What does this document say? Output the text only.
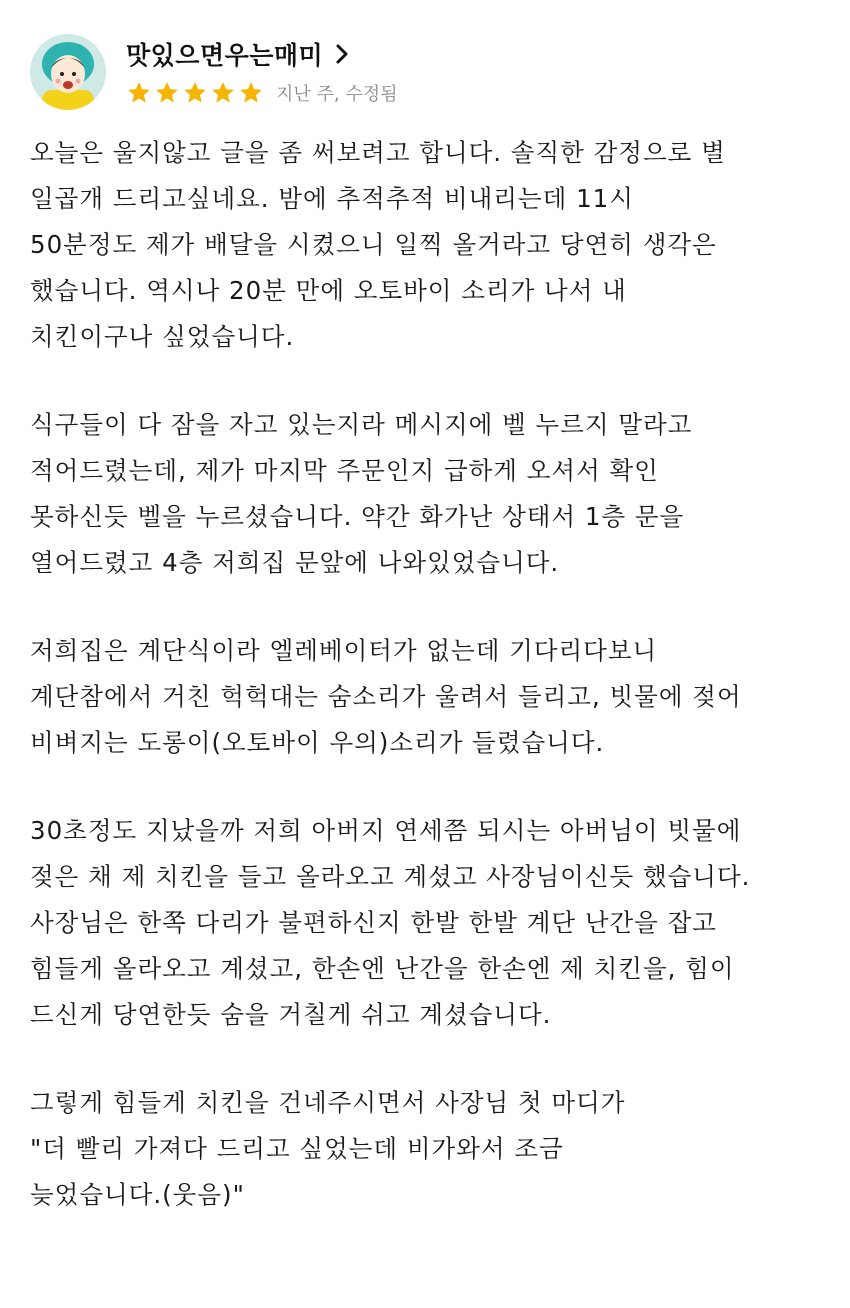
맛있으면우는매미
지난 주, 수정됨
오늘은 울지않고 글을 좀 써보려고 합니다. 솔직한 감정으로 별
일곱개 드리고싶네요. 밤에 추적추적 비내리는데 11시
50분정도 제가 배달을 시켰으니 일찍 올거라고 당연히 생각은
했습니다. 역시나 20분 만에 오토바이 소리가 나서 내
치킨이구나 싶었습니다.
식구들이 다 잠을 자고 있는지라 메시지에 벨 누르지 말라고
적어드렸는데, 제가 마지막 주문인지 급하게 오셔서 확인
못하신듯 벨을 누르셨습니다. 약간 화가난 상태서 1층 문을
열어드렸고 4층 저희집 문앞에 나와있었습니다.
저희집은 계단식이라 엘레베이터가 없는데 기다리다보니
계단참에서 거친 헉헉대는 숨소리가 울려서 들리고, 빗물에 젖어
비벼지는 도롱이(오토바이 우의)소리가 들렸습니다.
30초정도 지났을까 저희 아버지 연세쯤 되시는 아버님이 빗물에
젖은 채 제 치킨을 들고 올라오고 계셨고 사장님이신듯 했습니다.
사장님은 한쪽 다리가 불편하신지 한발 한발 계단 난간을 잡고
힘들게 올라오고 계셨고, 한손엔 난간을 한손엔 제 치킨을, 힘이
드신게 당연한듯 숨을 거칠게 쉬고 계셨습니다.
그렇게 힘들게 치킨을 건네주시면서 사장님 첫 마디가
"더 빨리 가져다 드리고 싶었는데 비가와서 조금
늦었습니다.(웃음)"
